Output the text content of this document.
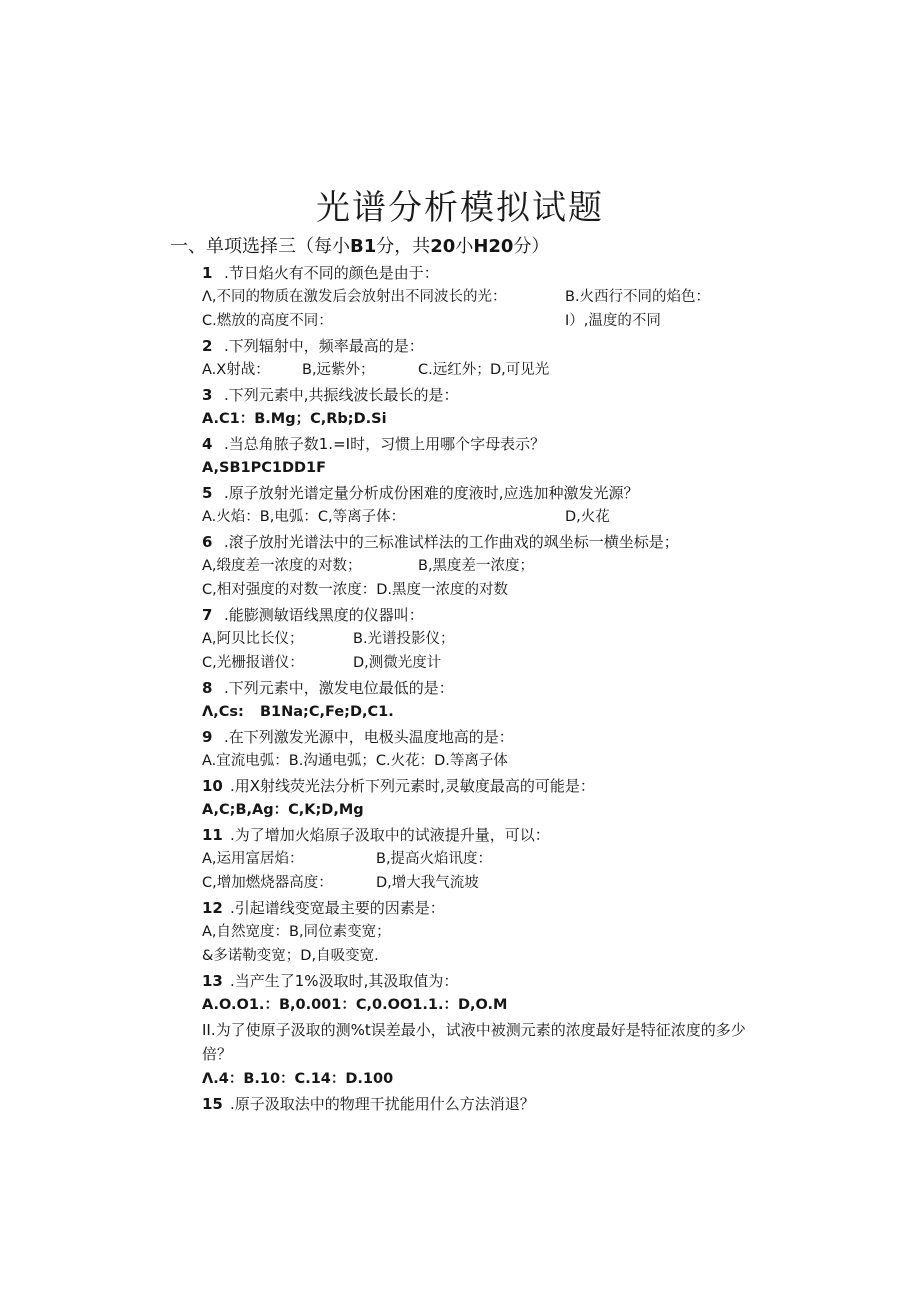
光谱分析模拟试题
一、单项选择三（每小B1分，共20小H20分）
1 .节日焰火有不同的颜色是由于：
Λ,不同的物质在激发后会放射出不同波长的光：	B.火西行不同的焰色：
C.燃放的高度不同：	I）,温度的不同
2 .下列辐射中，频率最高的是：
A.X射战： B,远紫外；	C.远红外； D,可见光
3 .下列元素中,共振线波长最长的是：
A.C1：B.Mg；C,Rb;D.Si
4 .当总角脓子数1.=I时，习惯上用哪个字母表示？
A,SB1PC1DD1F
5 .原子放射光谱定量分析成份困难的度液时,应选加种激发光源？
A.火焰：B,电弧：C,等离子体：	D,火花
6 .滾子放肘光谱法中的三标准试样法的工作曲戏的飒坐标一横坐标是；
A,缎度差一浓度的对数；	B,黑度差一浓度；
C,相对强度的对数一浓度：D.黑度一浓度的对数
7 .能膨测敏语线黑度的仪器叫：
A,阿贝比长仪；	B.光谱投影仪；
C,光栅报谱仪：	D,测微光度计
8 .下列元素中，激发电位最低的是：
Λ,Cs: B1Na;C,Fe;D,C1.
9 .在下列激发光源中，电极头温度地高的是：
A.宜流电弧：B.沟通电弧；C.火花：D.等离子体
10 .用X射线荧光法分析下列元素时,灵敏度最高的可能是：
A,C;B,Ag：C,K;D,Mg
11 .为了增加火焰原子汲取中的试液提升量，可以：
A,运用富居焰：	B,提高火焰讯度：
C,增加燃烧器高度：	D,增大我气流坡
12 .引起谱线变宽最主要的因素是：
A,自然宽度：B,同位素变宽；
&多诺勒变宽；D,自吸变宽.
13 .当产生了1%汲取时,其汲取值为：
A.O.O1.：B,0.001：C,0.OO1.1.：D,O.M
II.为了使原子汲取的测%t误差最小，试液中被测元素的浓度最好是特征浓度的多少倍？
Λ.4：B.10：C.14：D.100
15 .原子汲取法中的物理干扰能用什么方法消退？
